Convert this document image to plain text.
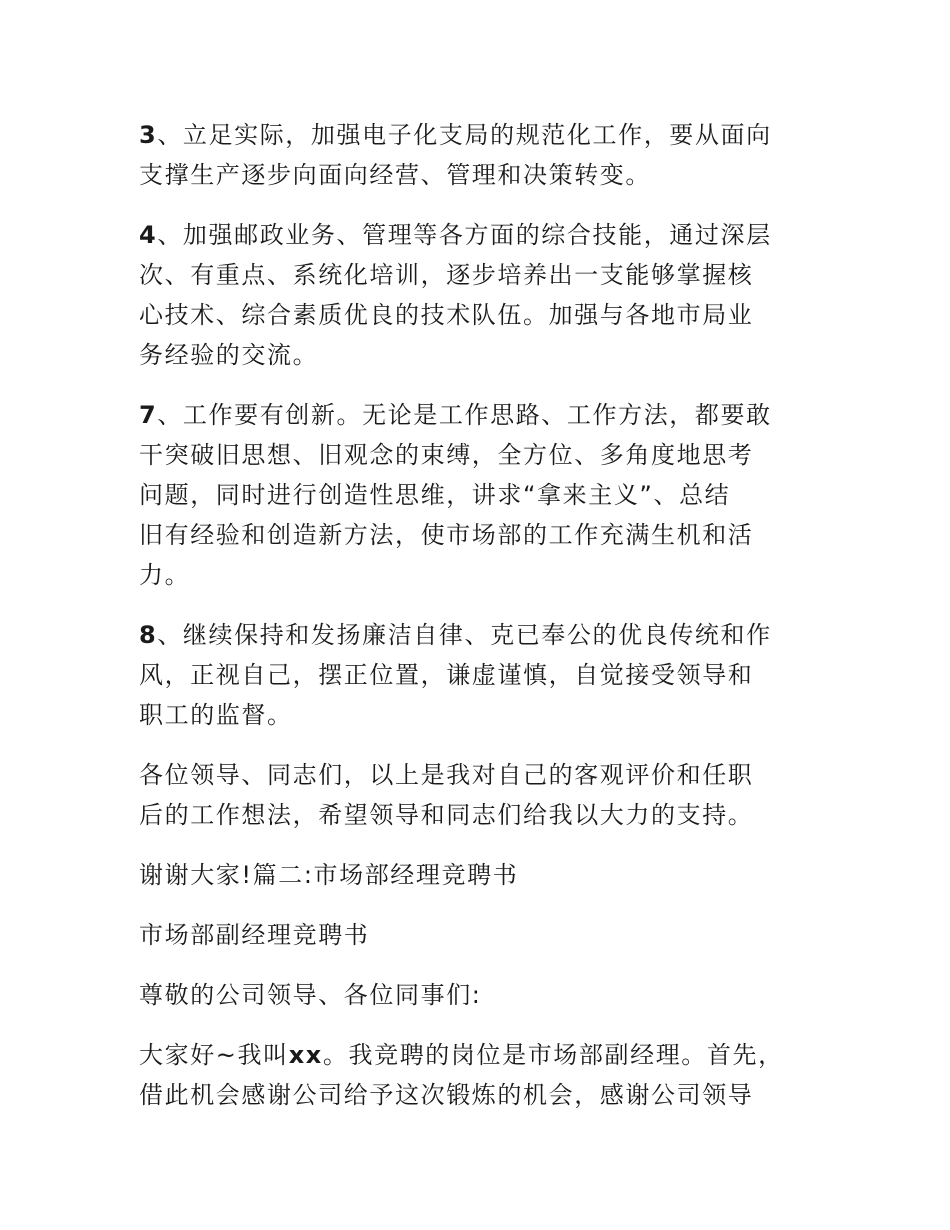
3、立足实际，加强电子化支局的规范化工作，要从面向
支撑生产逐步向面向经营、管理和决策转变。

4、加强邮政业务、管理等各方面的综合技能，通过深层
次、有重点、系统化培训，逐步培养出一支能够掌握核
心技术、综合素质优良的技术队伍。加强与各地市局业
务经验的交流。

7、工作要有创新。无论是工作思路、工作方法，都要敢
干突破旧思想、旧观念的束缚，全方位、多角度地思考
问题，同时进行创造性思维，讲求“拿来主义”、总结
旧有经验和创造新方法，使市场部的工作充满生机和活
力。

8、继续保持和发扬廉洁自律、克已奉公的优良传统和作
风，正视自己，摆正位置，谦虚谨慎，自觉接受领导和
职工的监督。

各位领导、同志们，以上是我对自己的客观评价和任职
后的工作想法，希望领导和同志们给我以大力的支持。

谢谢大家!篇二:市场部经理竞聘书

市场部副经理竞聘书

尊敬的公司领导、各位同事们:

大家好~我叫xx。我竞聘的岗位是市场部副经理。首先，
借此机会感谢公司给予这次锻炼的机会，感谢公司领导
